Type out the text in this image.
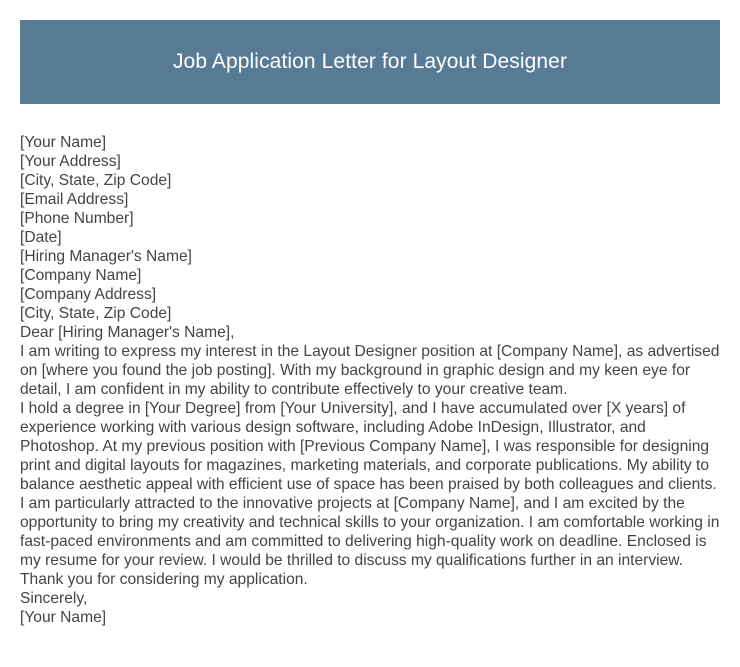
Job Application Letter for Layout Designer

[Your Name]

[Your Address]

[City, State, Zip Code]

[Email Address]

[Phone Number]

[Date]

[Hiring Manager's Name]

[Company Name]

[Company Address]

[City, State, Zip Code]

Dear [Hiring Manager's Name],

I am writing to express my interest in the Layout Designer position at [Company Name], as advertised on [where you found the job posting]. With my background in graphic design and my keen eye for detail, I am confident in my ability to contribute effectively to your creative team.

I hold a degree in [Your Degree] from [Your University], and I have accumulated over [X years] of experience working with various design software, including Adobe InDesign, Illustrator, and Photoshop. At my previous position with [Previous Company Name], I was responsible for designing print and digital layouts for magazines, marketing materials, and corporate publications. My ability to balance aesthetic appeal with efficient use of space has been praised by both colleagues and clients.

I am particularly attracted to the innovative projects at [Company Name], and I am excited by the opportunity to bring my creativity and technical skills to your organization. I am comfortable working in fast-paced environments and am committed to delivering high-quality work on deadline. Enclosed is my resume for your review. I would be thrilled to discuss my qualifications further in an interview. Thank you for considering my application.

Sincerely,

[Your Name]
